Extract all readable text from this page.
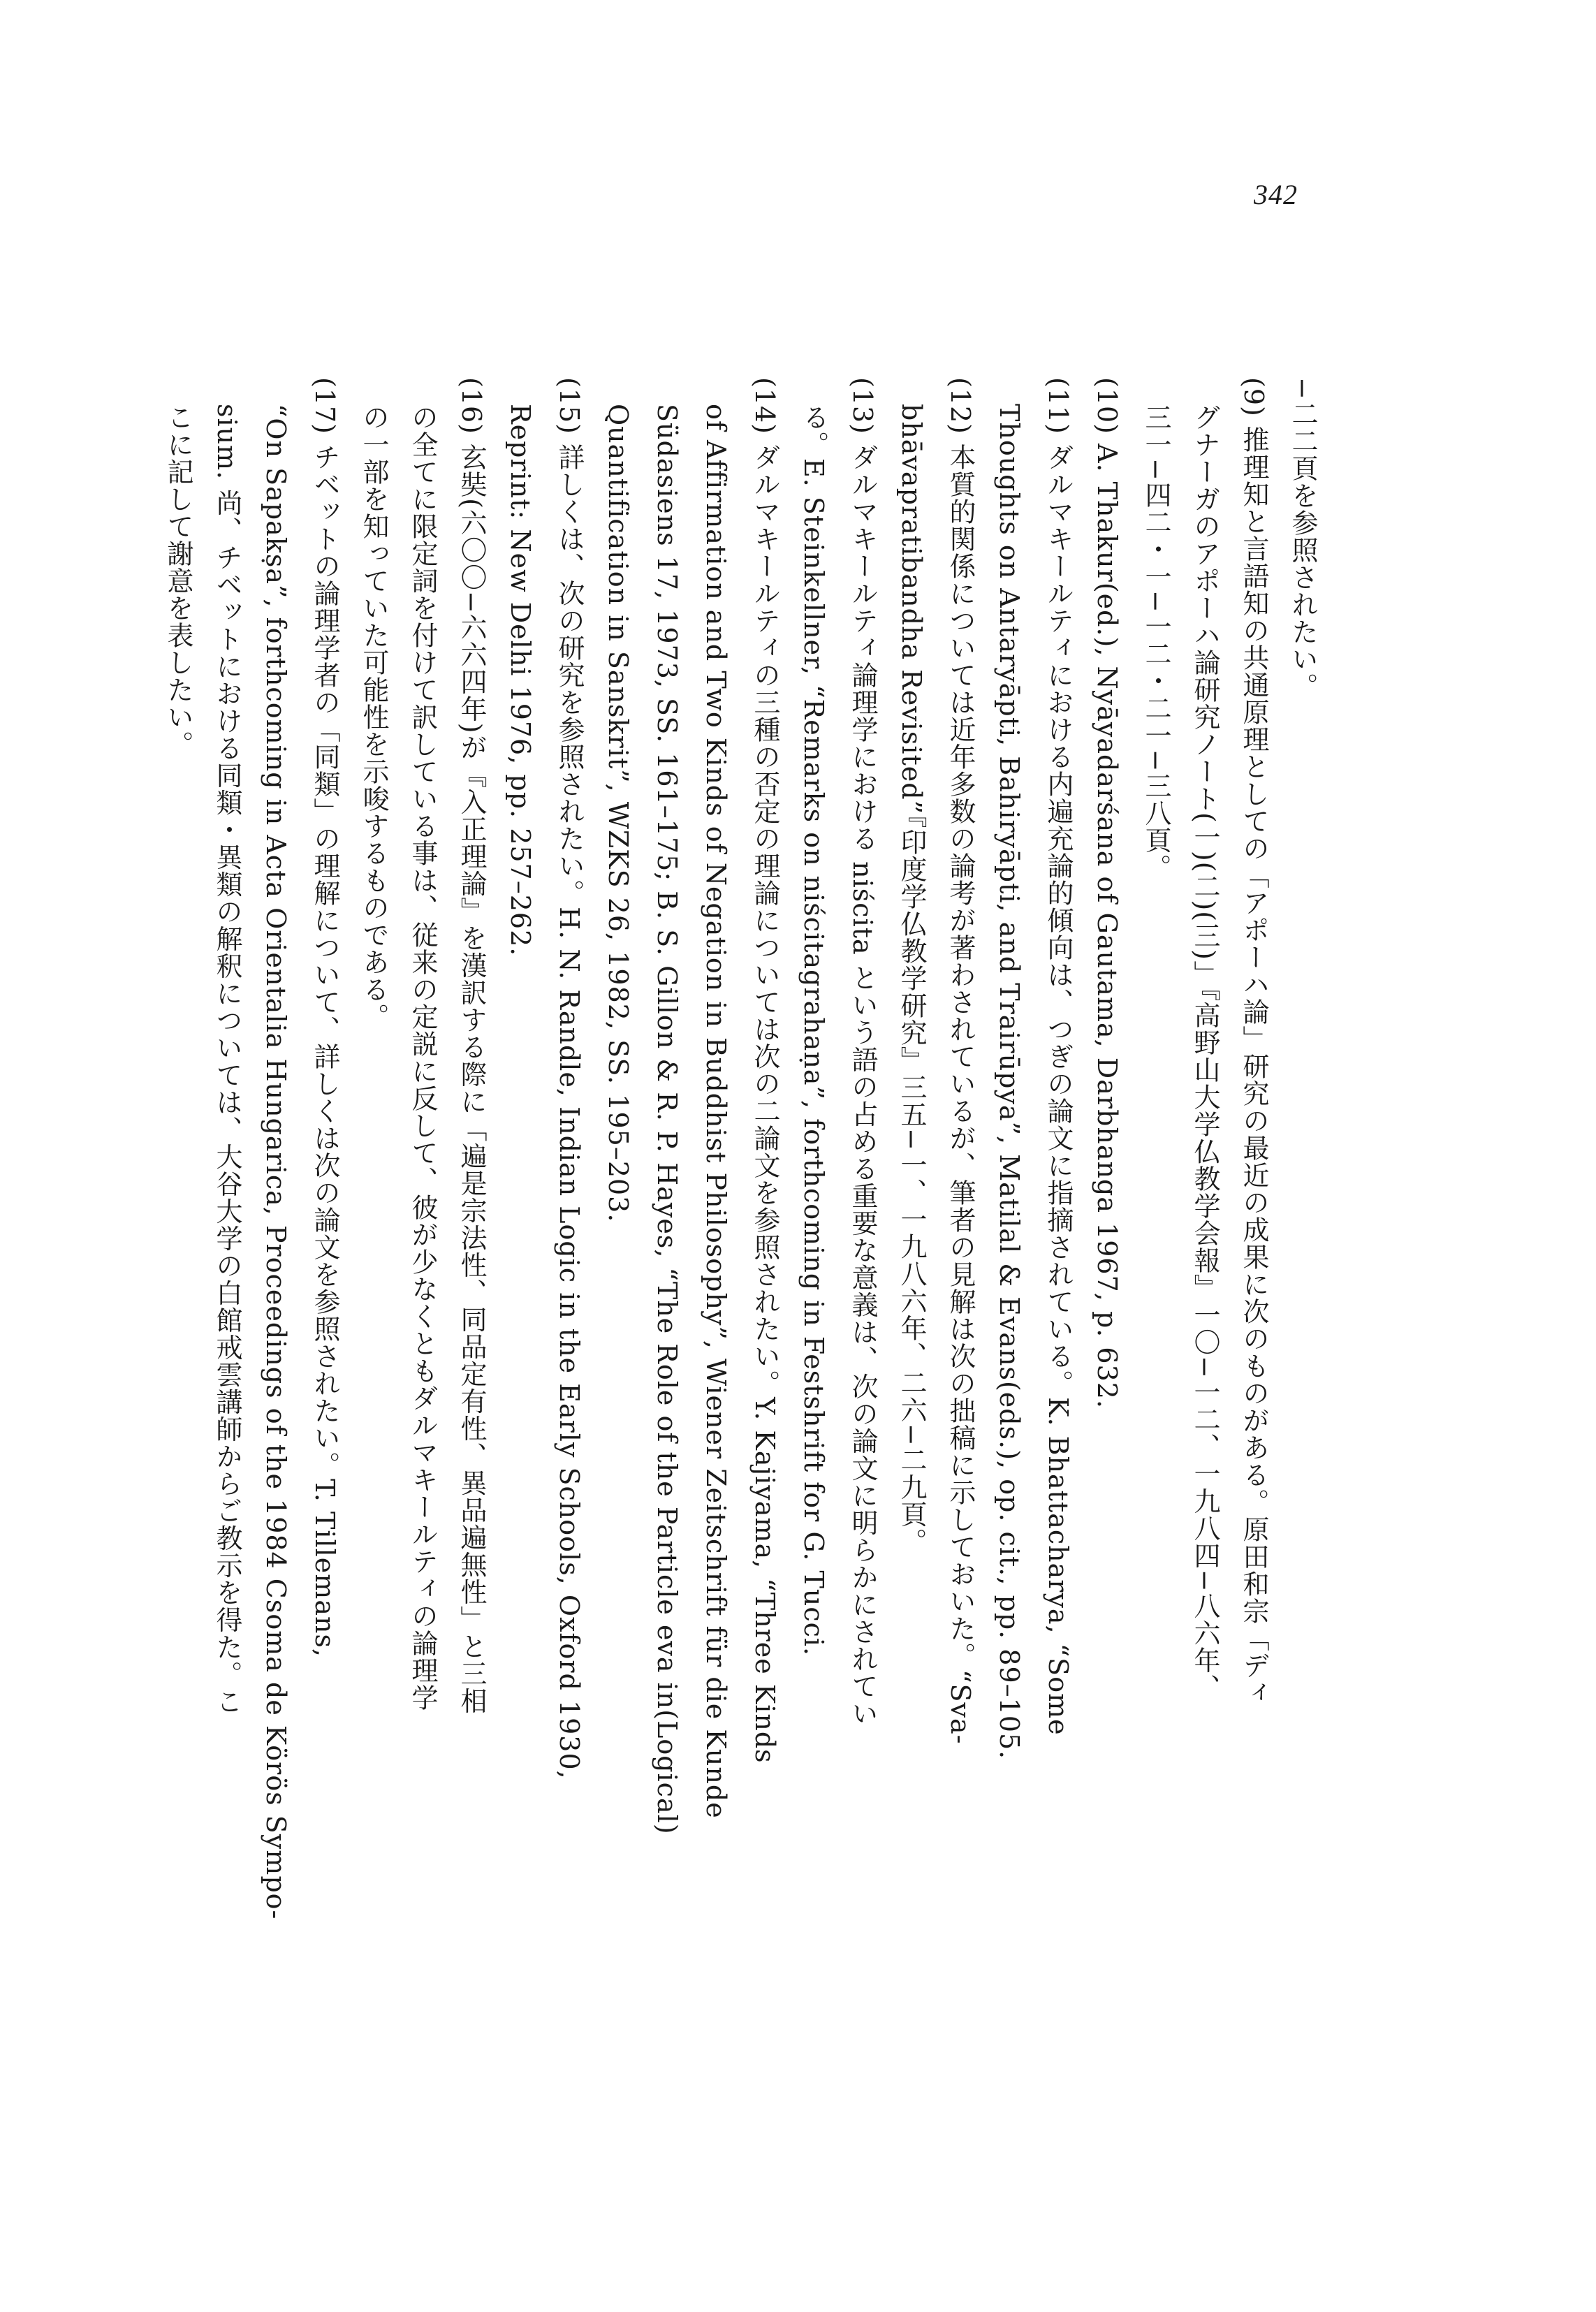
342
−二二頁を参照されたい。
(9) 推理知と言語知の共通原理としての「アポーハ論」研究の最近の成果に次のものがある。原田和宗「ディ
グナーガのアポーハ論研究ノート(一)(二)(三)」『高野山大学仏教学会報』一〇−一二、一九八四−八六年、
三一−四二・一−一二・二一−三八頁。
(10) A. Thakur(ed.), Nyāyadarśana of Gautama, Darbhanga 1967, p. 632.
(11) ダルマキールティにおける内遍充論的傾向は、つぎの論文に指摘されている。K. Bhattacharya, “Some
Thoughts on Antaryāpti, Bahiryāpti, and Trairūpya”, Matilal & Evans(eds.), op. cit., pp. 89–105.
(12) 本質的関係については近年多数の論考が著わされているが、筆者の見解は次の拙稿に示しておいた。“Sva-
bhāvapratibandha Revisited”『印度学仏教学研究』三五−一、一九八六年、二六−二九頁。
(13) ダルマキールティ論理学における niścita という語の占める重要な意義は、次の論文に明らかにされてい
る。E. Steinkellner, “Remarks on niścitagrahaṇa”, forthcoming in Festshrift for G. Tucci.
(14) ダルマキールティの三種の否定の理論については次の二論文を参照されたい。Y. Kajiyama, “Three Kinds
of Affirmation and Two Kinds of Negation in Buddhist Philosophy”, Wiener Zeitschrift für die Kunde
Südasiens 17, 1973, SS. 161–175; B. S. Gillon & R. P. Hayes, “The Role of the Particle eva in(Logical)
Quantification in Sanskrit”, WZKS 26, 1982, SS. 195–203.
(15) 詳しくは、次の研究を参照されたい。H. N. Randle, Indian Logic in the Early Schools, Oxford 1930,
Reprint: New Delhi 1976, pp. 257–262.
(16) 玄奘(六〇〇−六六四年)が『入正理論』を漢訳する際に「遍是宗法性、同品定有性、異品遍無性」と三相
の全てに限定詞を付けて訳している事は、従来の定説に反して、彼が少なくともダルマキールティの論理学
の一部を知っていた可能性を示唆するものである。
(17) チベットの論理学者の「同類」の理解について、詳しくは次の論文を参照されたい。T. Tillemans,
“On Sapakṣa”, forthcoming in Acta Orientalia Hungarica, Proceedings of the 1984 Csoma de Körös Sympo-
sium. 尚、チベットにおける同類・異類の解釈については、大谷大学の白館戒雲講師からご教示を得た。こ
こに記して謝意を表したい。
